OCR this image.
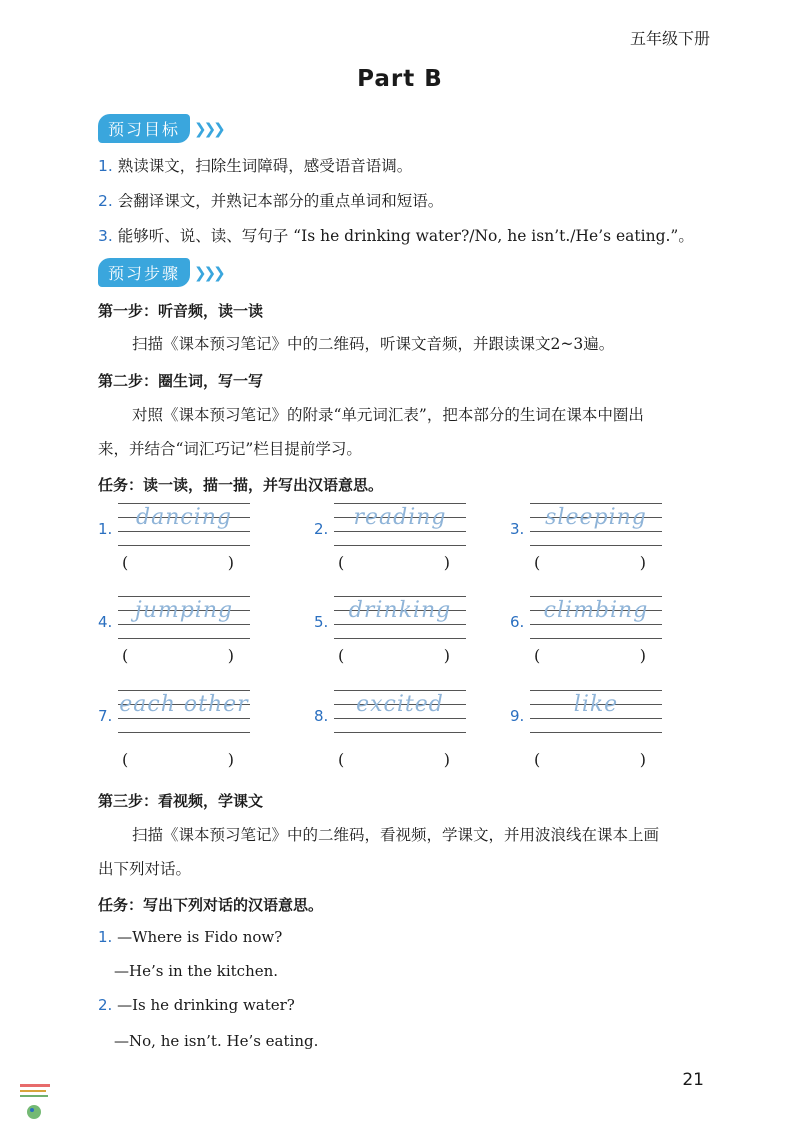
五年级下册
Part B
预习目标 ❯❯❯
1. 熟读课文，扫除生词障碍，感受语音语调。
2. 会翻译课文，并熟记本部分的重点单词和短语。
3. 能够听、说、读、写句子 “Is he drinking water?/No, he isn’t./He’s eating.”。
预习步骤 ❯❯❯
第一步：听音频，读一读
扫描《课本预习笔记》中的二维码，听课文音频，并跟读课文2~3遍。
第二步：圈生词，写一写
对照《课本预习笔记》的附录“单元词汇表”，把本部分的生词在课本中圈出
来，并结合“词汇巧记”栏目提前学习。
任务：读一读，描一描，并写出汉语意思。
1.	dancing
(	)
2.	reading
(	)
3. sleeping
(	)
4.	jumping
(	)
5. drinking
(	)
6. climbing
(	)
7. each other
(	)
8.	excited
(	)
9.	like
(	)
第三步：看视频，学课文
扫描《课本预习笔记》中的二维码，看视频，学课文，并用波浪线在课本上画
出下列对话。
任务：写出下列对话的汉语意思。
1. —Where is Fido now?
—He’s in the kitchen.
2. —Is he drinking water?
—No, he isn’t. He’s eating.
21
